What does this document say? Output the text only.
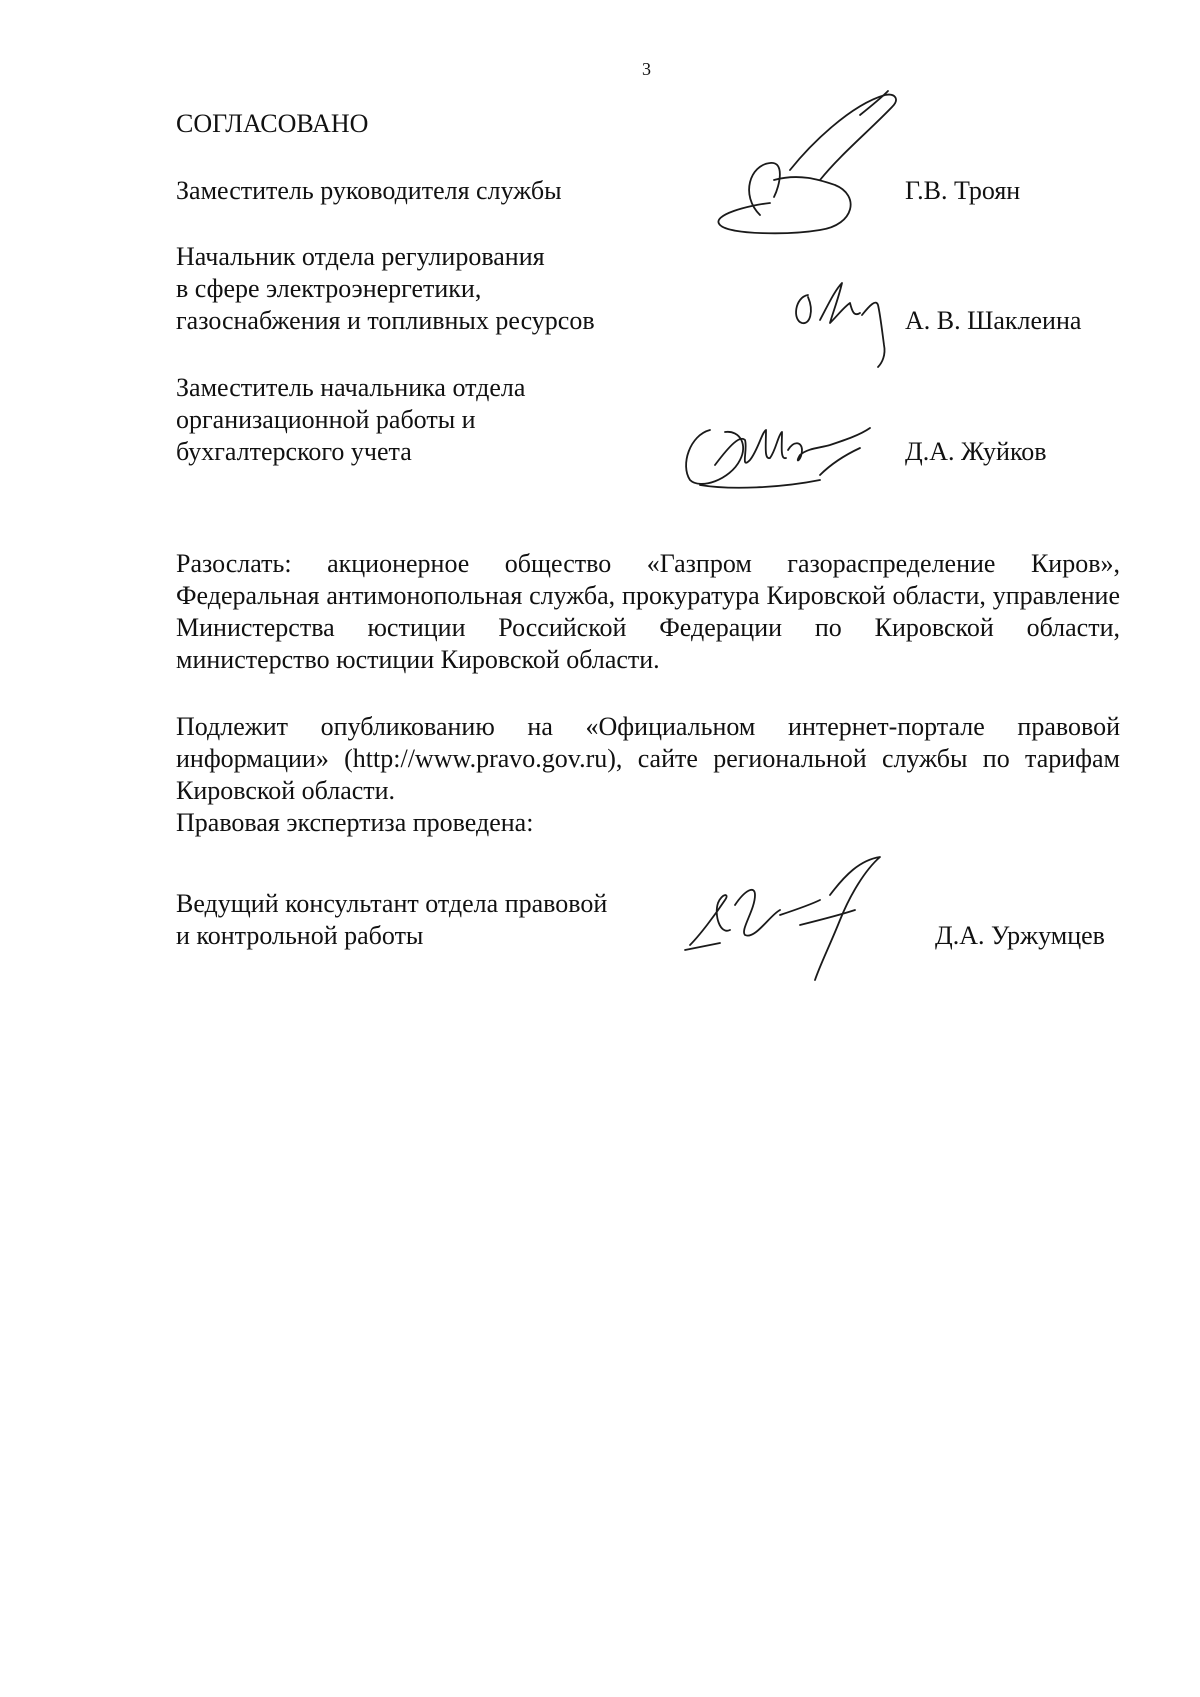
3

СОГЛАСОВАНО

Заместитель руководителя службы	Г.В. Троян

Начальник отдела регулирования

в сфере электроэнергетики,

газоснабжения и топливных ресурсов	А. В. Шаклеина

Заместитель начальника отдела

организационной работы и

бухгалтерского учета	Д.А. Жуйков

Разослать: акционерное общество «Газпром газораспределение Киров», Федеральная антимонопольная служба, прокуратура Кировской области, управление Министерства юстиции Российской Федерации по Кировской области, министерство юстиции Кировской области.

Подлежит опубликованию на «Официальном интернет-портале правовой информации» (http://www.pravo.gov.ru), сайте региональной службы по тарифам Кировской области.

Правовая экспертиза проведена:

Ведущий консультант отдела правовой

и контрольной работы	Д.А. Уржумцев
